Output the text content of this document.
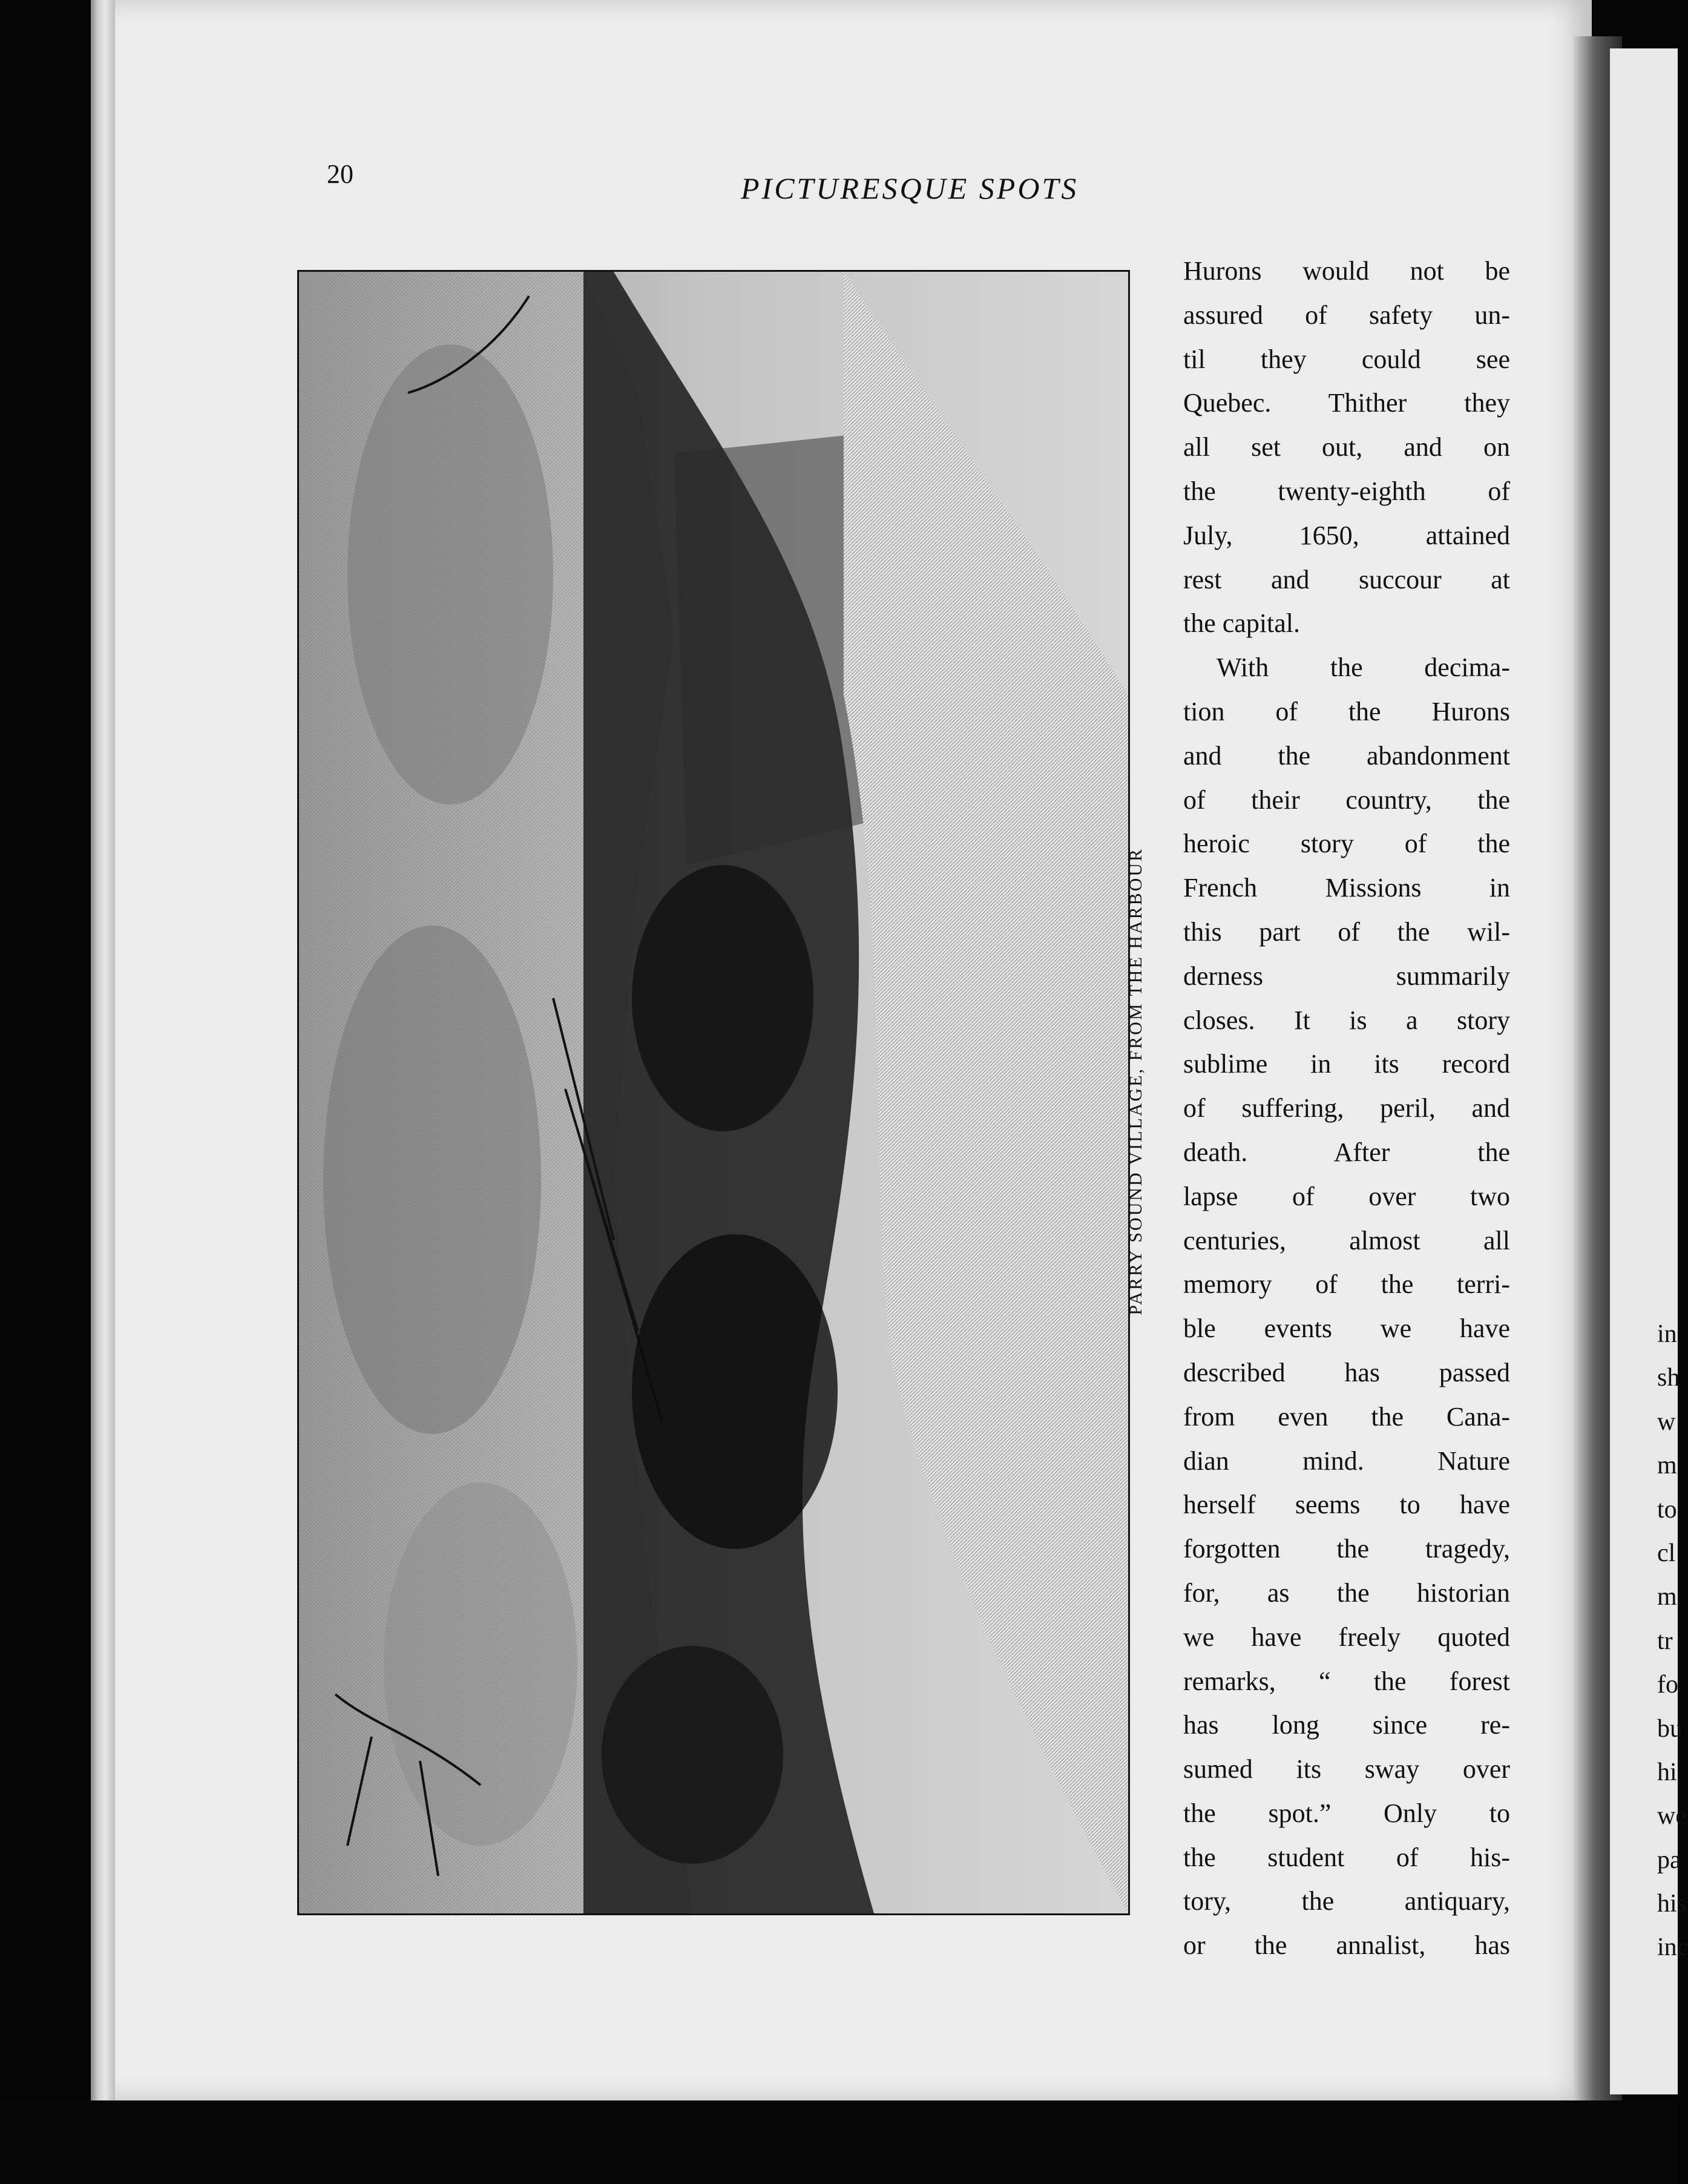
20	PICTURESQUE SPOTS
PARRY SOUND VILLAGE, FROM THE HARBOUR
Hurons would not be
assured of safety un-
til they could see
Quebec. Thither they
all set out, and on
the twenty-eighth of
July, 1650, attained
rest and succour at
the capital.
With the decima-
tion of the Hurons
and the abandonment
of their country, the
heroic story of the
French Missions in
this part of the wil-
derness summarily
closes. It is a story
sublime in its record
of suffering, peril, and
death. After the
lapse of over two
centuries, almost all
memory of the terri-
ble events we have
described has passed
from even the Cana-
dian mind. Nature
herself seems to have
forgotten the tragedy,
for, as the historian
we have freely quoted
remarks, “ the forest
has long since re-
sumed its sway over
the spot.” Only to
the student of his-
tory, the antiquary,
or the annalist, has
in
sh
w
m
to
cl
m
tr
fo
bu
hi
we
pa
his
inc
